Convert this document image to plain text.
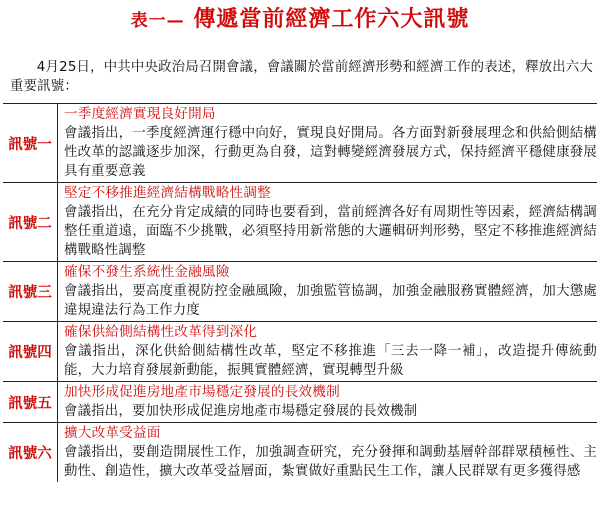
表一— 傳遞當前經濟工作六大訊號
4月25日，中共中央政治局召開會議，會議關於當前經濟形勢和經濟工作的表述，釋放出六大重要訊號：
訊號一
一季度經濟實現良好開局
會議指出，一季度經濟運行穩中向好，實現良好開局。各方面對新發展理念和供給側結構性改革的認識逐步加深，行動更為自發，這對轉變經濟發展方式，保持經濟平穩健康發展具有重要意義
訊號二
堅定不移推進經濟結構戰略性調整
會議指出，在充分肯定成績的同時也要看到，當前經濟各好有周期性等因素，經濟結構調整任重道遠，面臨不少挑戰，必須堅持用新常態的大邏輯研判形勢，堅定不移推進經濟結構戰略性調整
訊號三
確保不發生系統性金融風險
會議指出，要高度重視防控金融風險，加強監管協調，加強金融服務實體經濟，加大懲處違規違法行為工作力度
訊號四
確保供給側結構性改革得到深化
會議指出，深化供給側結構性改革，堅定不移推進「三去一降一補」，改造提升傳統動能，大力培育發展新動能，振興實體經濟，實現轉型升級
訊號五
加快形成促進房地產市場穩定發展的長效機制
會議指出，要加快形成促進房地產市場穩定發展的長效機制
訊號六
擴大改革受益面
會議指出，要創造開展性工作，加強調查研究，充分發揮和調動基層幹部群眾積極性、主動性、創造性，擴大改革受益層面，紮實做好重點民生工作，讓人民群眾有更多獲得感
